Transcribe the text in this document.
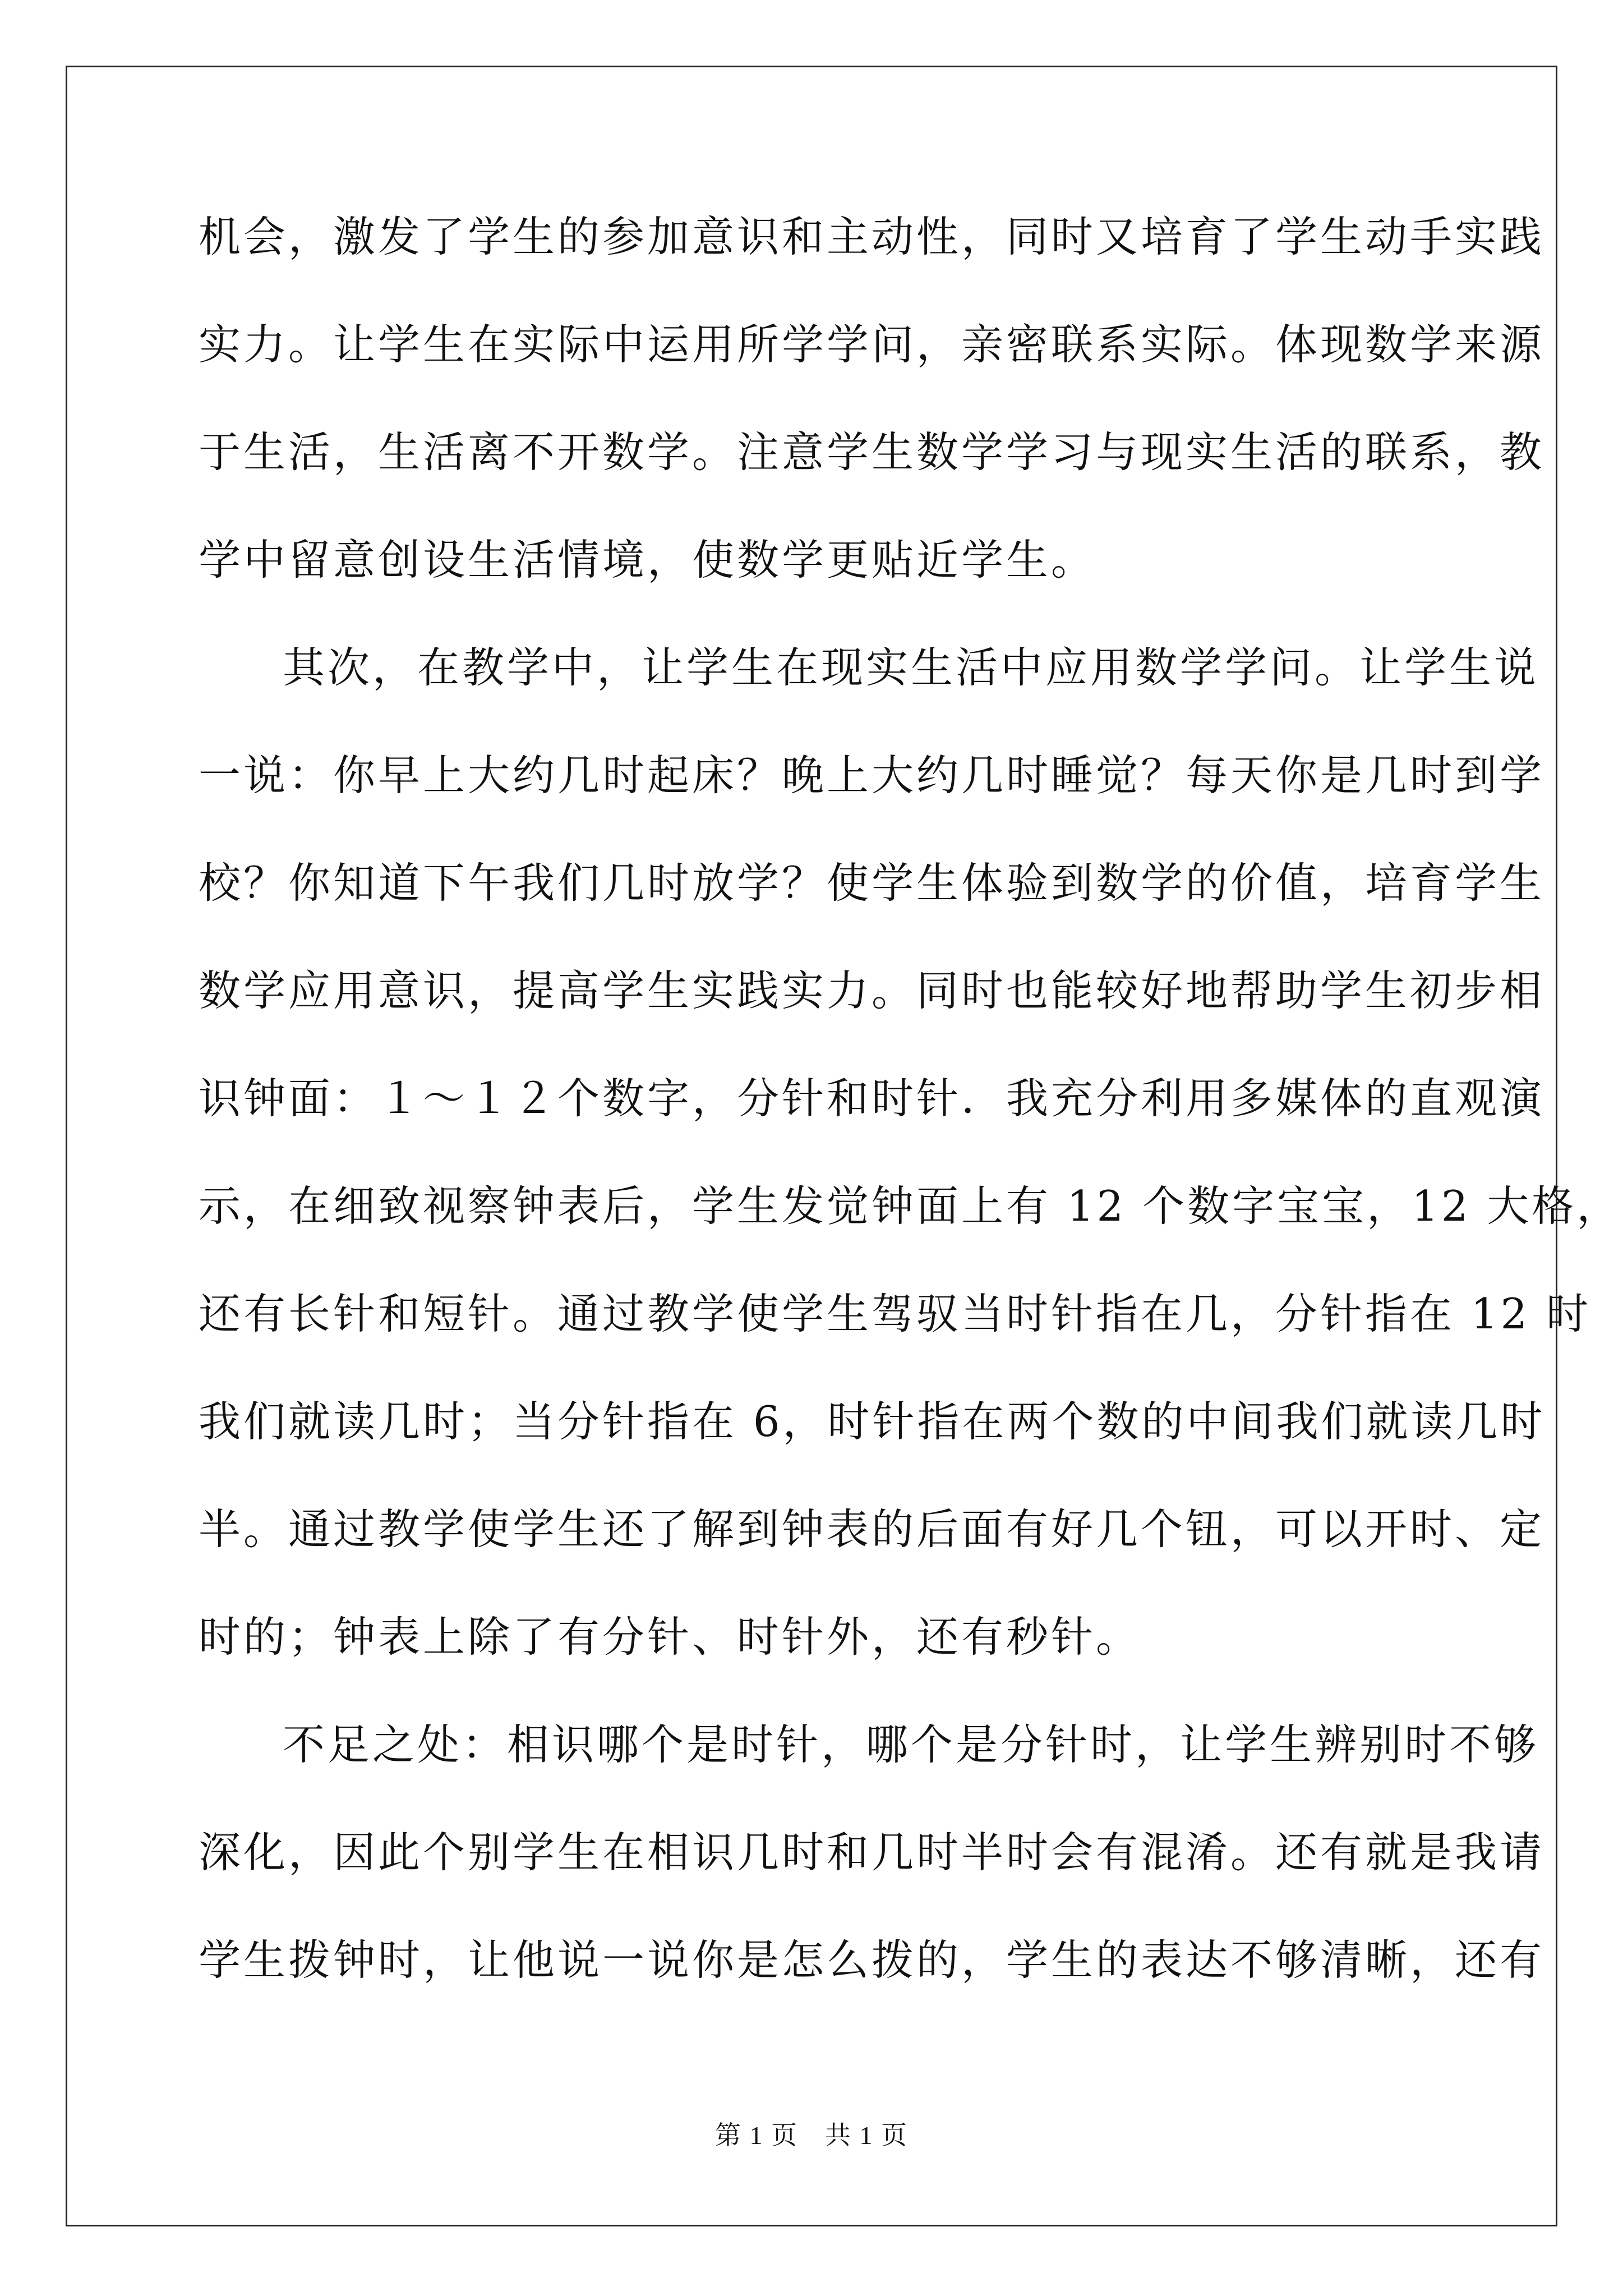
机会，激发了学生的参加意识和主动性，同时又培育了学生动手实践
实力。让学生在实际中运用所学学问，亲密联系实际。体现数学来源
于生活，生活离不开数学。注意学生数学学习与现实生活的联系，教
学中留意创设生活情境，使数学更贴近学生。
其次，在教学中，让学生在现实生活中应用数学学问。让学生说
一说：你早上大约几时起床？晚上大约几时睡觉？每天你是几时到学
校？你知道下午我们几时放学？使学生体验到数学的价值，培育学生
数学应用意识，提高学生实践实力。同时也能较好地帮助学生初步相
识钟面：１～１２个数字，分针和时针．我充分利用多媒体的直观演
示，在细致视察钟表后，学生发觉钟面上有 12 个数字宝宝，12 大格，
还有长针和短针。通过教学使学生驾驭当时针指在几，分针指在 12 时
我们就读几时；当分针指在 6，时针指在两个数的中间我们就读几时
半。通过教学使学生还了解到钟表的后面有好几个钮，可以开时、定
时的；钟表上除了有分针、时针外，还有秒针。
不足之处：相识哪个是时针，哪个是分针时，让学生辨别时不够
深化，因此个别学生在相识几时和几时半时会有混淆。还有就是我请
学生拨钟时，让他说一说你是怎么拨的，学生的表达不够清晰，还有
第 1 页　共 1 页
